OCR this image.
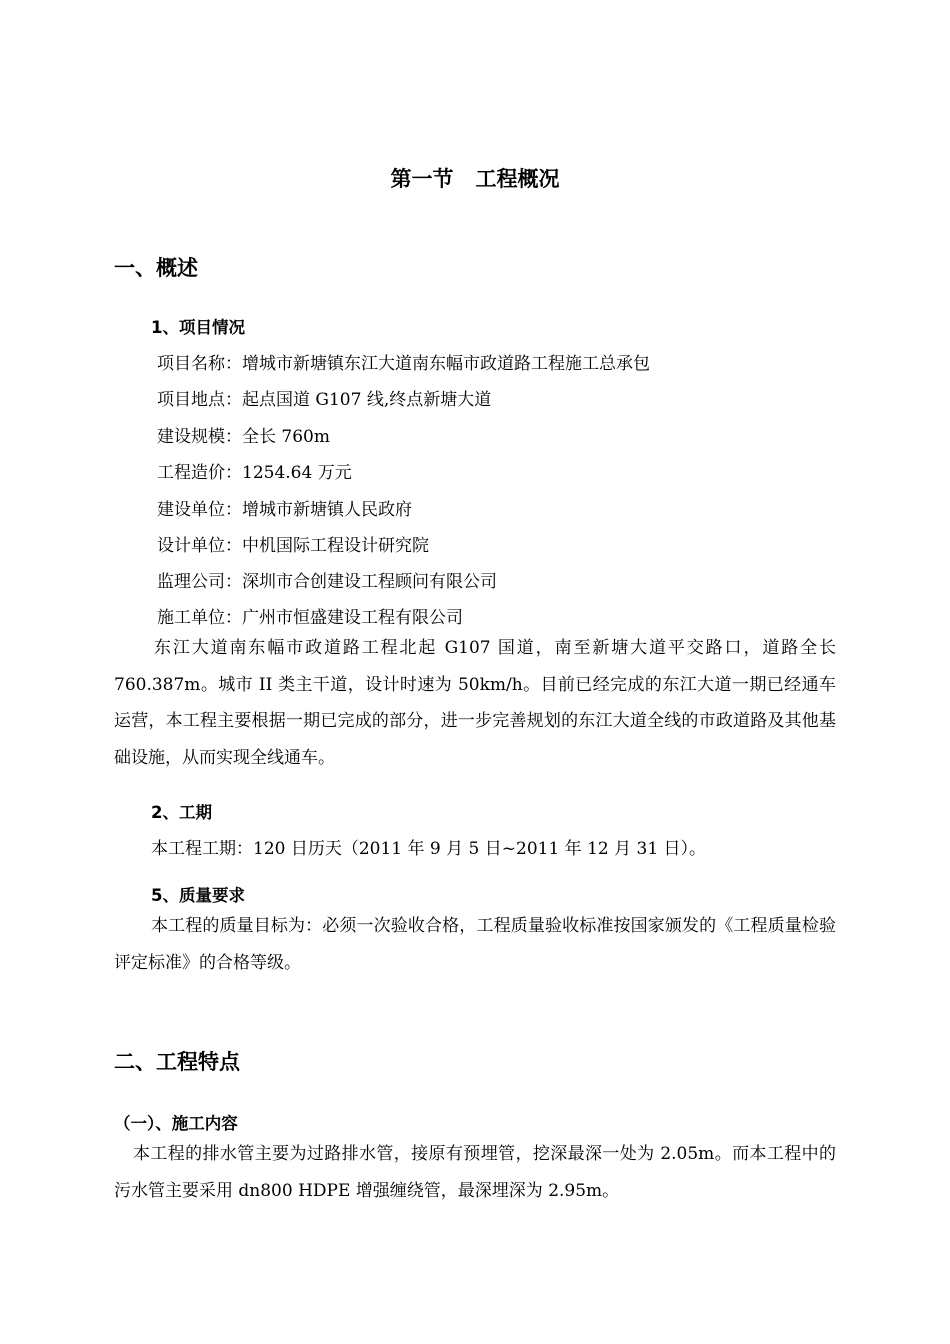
第一节 工程概况
一、概述
1、项目情况
项目名称：增城市新塘镇东江大道南东幅市政道路工程施工总承包
项目地点：起点国道 G107 线,终点新塘大道
建设规模：全长 760m
工程造价：1254.64 万元
建设单位：增城市新塘镇人民政府
设计单位：中机国际工程设计研究院
监理公司：深圳市合创建设工程顾问有限公司
施工单位：广州市恒盛建设工程有限公司

东江大道南东幅市政道路工程北起 G107 国道，南至新塘大道平交路口，道路全长 760.387m。城市 II 类主干道，设计时速为 50km/h。目前已经完成的东江大道一期已经通车运营，本工程主要根据一期已完成的部分，进一步完善规划的东江大道全线的市政道路及其他基础设施，从而实现全线通车。

2、工期
本工程工期：120 日历天（2011 年 9 月 5 日~2011 年 12 月 31 日）。
5、质量要求

本工程的质量目标为：必须一次验收合格，工程质量验收标准按国家颁发的《工程质量检验评定标准》的合格等级。

二、工程特点
（一）、施工内容

本工程的排水管主要为过路排水管，接原有预埋管，挖深最深一处为 2.05m。而本工程中的污水管主要采用 dn800 HDPE 增强缠绕管，最深埋深为 2.95m。
